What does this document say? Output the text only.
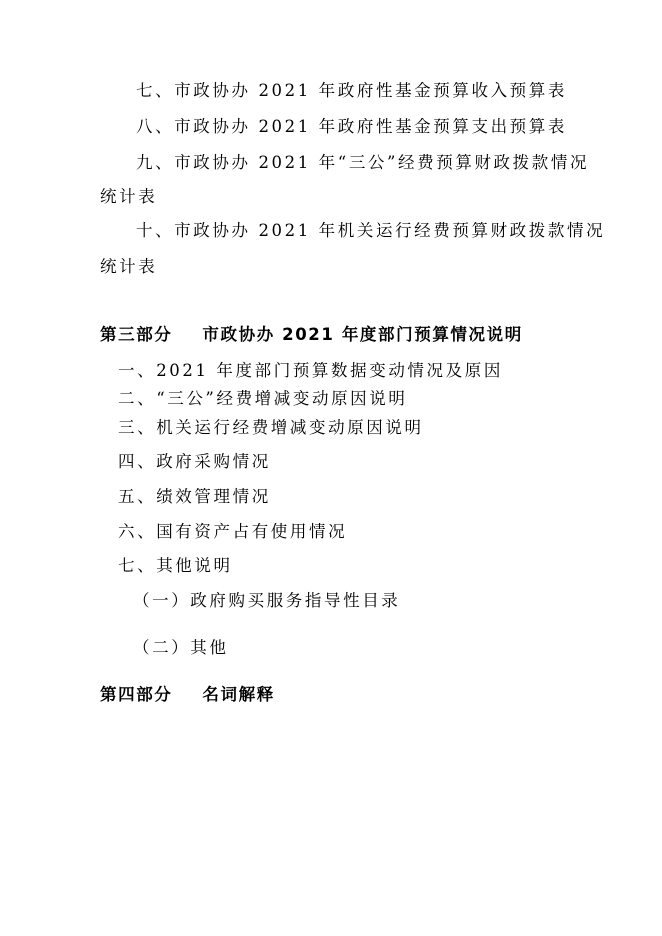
七、市政协办 2021 年政府性基金预算收入预算表
八、市政协办 2021 年政府性基金预算支出预算表
九、市政协办 2021 年“三公”经费预算财政拨款情况
统计表
十、市政协办 2021 年机关运行经费预算财政拨款情况
统计表
第三部分 市政协办 2021 年度部门预算情况说明
一、2021 年度部门预算数据变动情况及原因
二、“三公”经费增减变动原因说明
三、机关运行经费增减变动原因说明
四、政府采购情况
五、绩效管理情况
六、国有资产占有使用情况
七、其他说明
（一）政府购买服务指导性目录
（二）其他
第四部分 名词解释
